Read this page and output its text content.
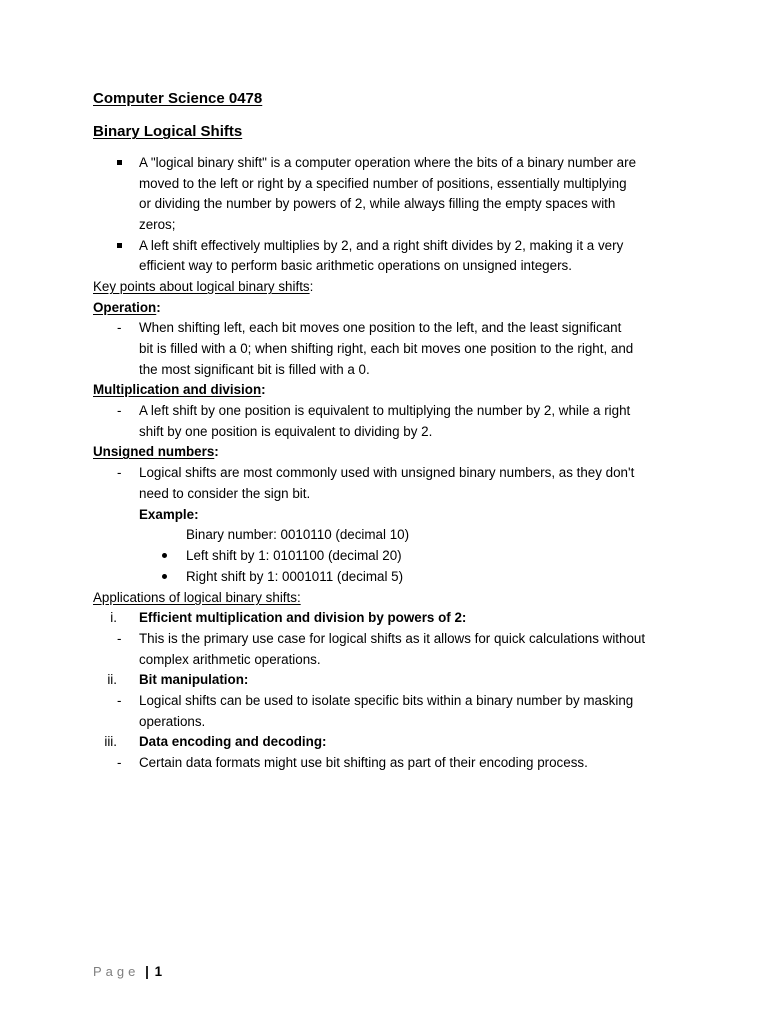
Computer Science 0478
Binary Logical Shifts
A "logical binary shift" is a computer operation where the bits of a binary number are
moved to the left or right by a specified number of positions, essentially multiplying
or dividing the number by powers of 2, while always filling the empty spaces with
zeros;
A left shift effectively multiplies by 2, and a right shift divides by 2, making it a very
efficient way to perform basic arithmetic operations on unsigned integers.
Key points about logical binary shifts:
Operation:
- When shifting left, each bit moves one position to the left, and the least significant
bit is filled with a 0; when shifting right, each bit moves one position to the right, and
the most significant bit is filled with a 0.
Multiplication and division:
- A left shift by one position is equivalent to multiplying the number by 2, while a right
shift by one position is equivalent to dividing by 2.
Unsigned numbers:
- Logical shifts are most commonly used with unsigned binary numbers, as they don't
need to consider the sign bit.
Example:
Binary number: 0010110 (decimal 10)
Left shift by 1: 0101100 (decimal 20)
Right shift by 1: 0001011 (decimal 5)
Applications of logical binary shifts:
i. Efficient multiplication and division by powers of 2:
- This is the primary use case for logical shifts as it allows for quick calculations without
complex arithmetic operations.
ii. Bit manipulation:
- Logical shifts can be used to isolate specific bits within a binary number by masking
operations.
iii. Data encoding and decoding:
- Certain data formats might use bit shifting as part of their encoding process.
Page | 1
